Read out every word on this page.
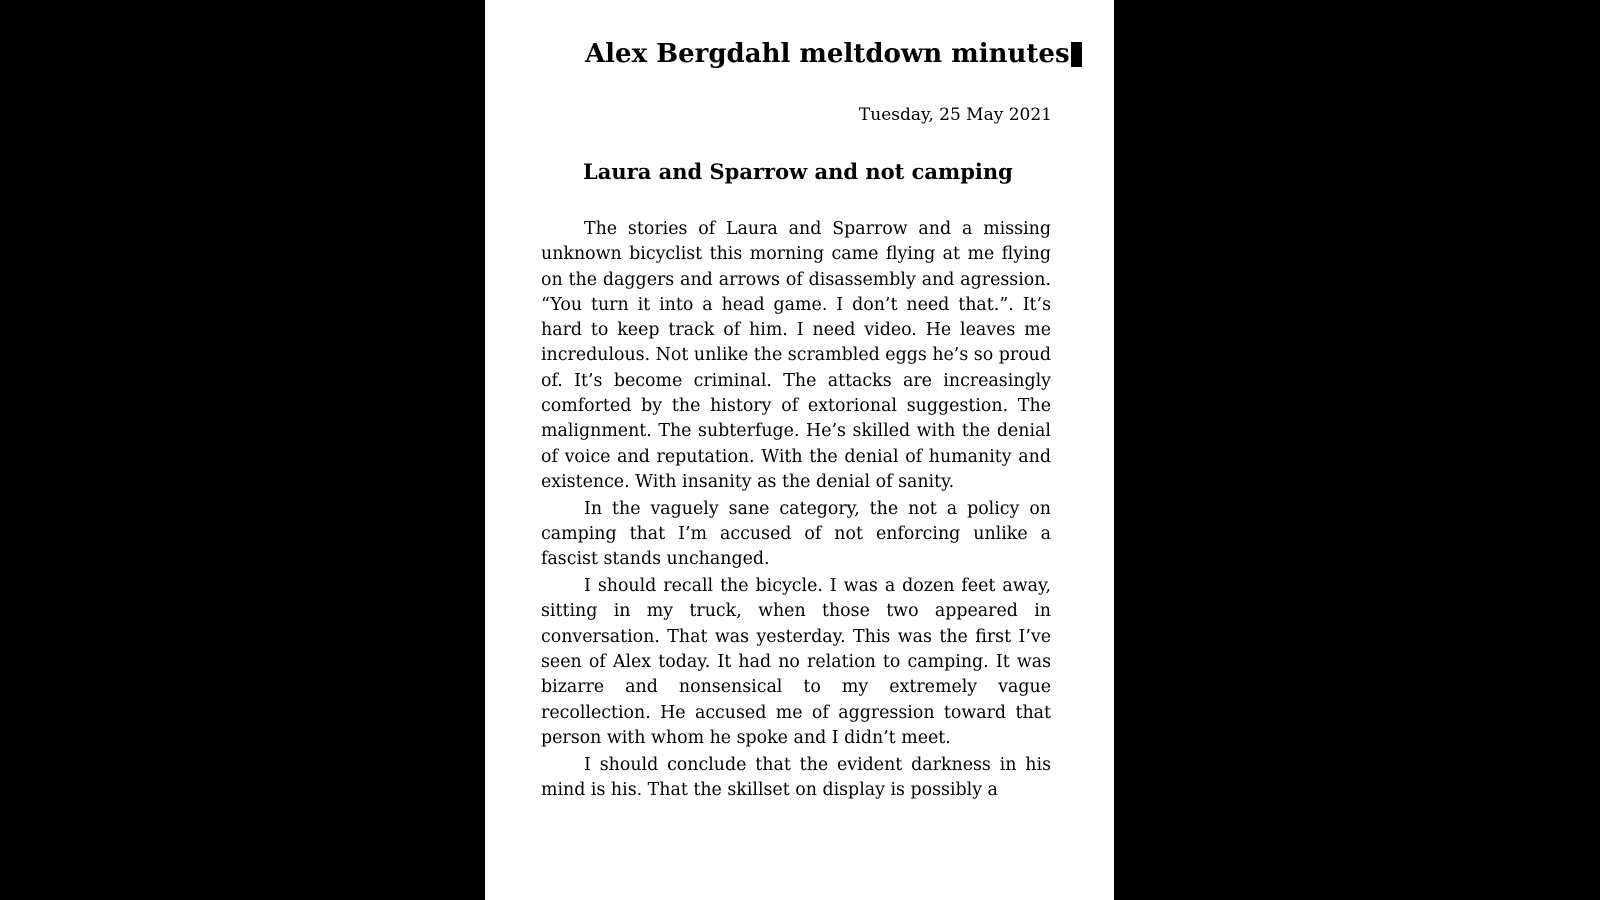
Alex Bergdahl meltdown minutes
Tuesday, 25 May 2021
Laura and Sparrow and not camping

The stories of Laura and Sparrow and a missing unknown bicyclist this morning came flying at me flying on the daggers and arrows of disassembly and agression. “You turn it into a head game. I don’t need that.”. It’s hard to keep track of him. I need video. He leaves me incredulous. Not unlike the scrambled eggs he’s so proud of. It’s become criminal. The attacks are increasingly comforted by the history of extorional suggestion. The malignment. The subterfuge. He’s skilled with the denial of voice and reputation. With the denial of humanity and existence. With insanity as the denial of sanity.

In the vaguely sane category, the not a policy on camping that I’m accused of not enforcing unlike a fascist stands unchanged.

I should recall the bicycle. I was a dozen feet away, sitting in my truck, when those two appeared in conversation. That was yesterday. This was the first I’ve seen of Alex today. It had no relation to camping. It was bizarre and nonsensical to my extremely vague recollection. He accused me of aggression toward that person with whom he spoke and I didn’t meet.

I should conclude that the evident darkness in his mind is his. That the skillset on display is possibly a
